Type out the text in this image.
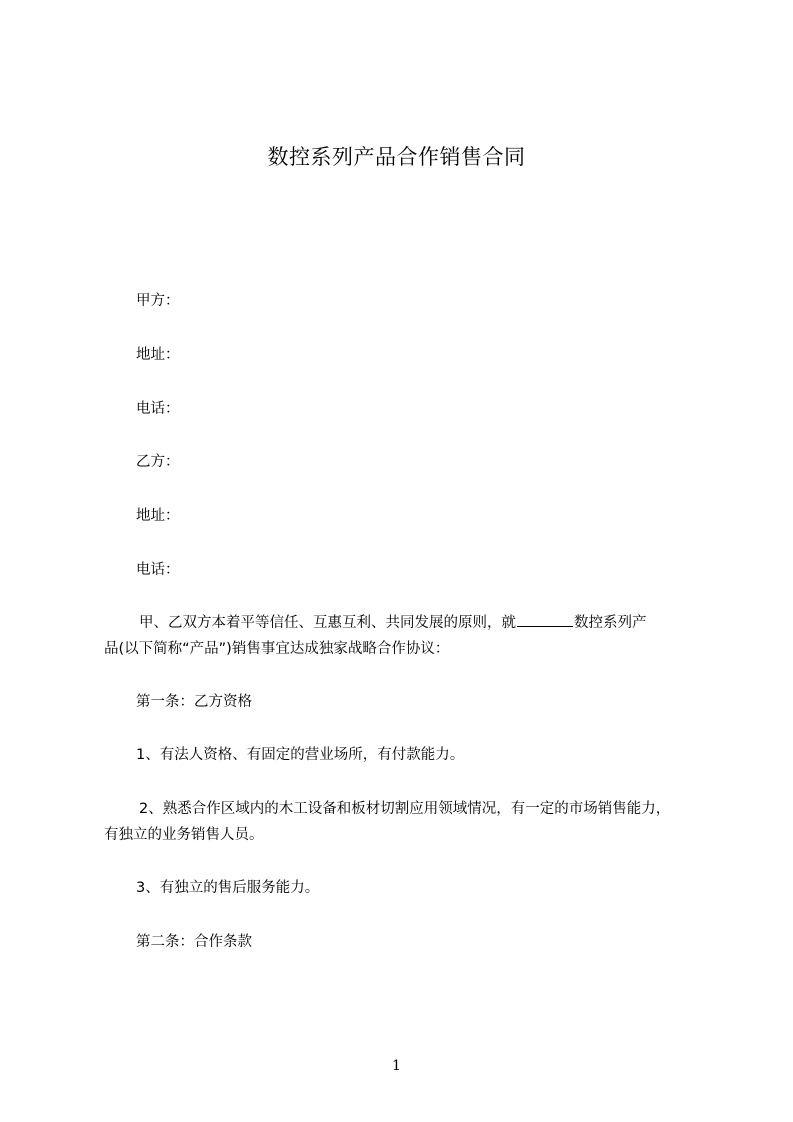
数控系列产品合作销售合同
甲方：
地址：
电话：
乙方：
地址：
电话：
甲、乙双方本着平等信任、互惠互利、共同发展的原则，就	数控系列产
品(以下简称“产品”)销售事宜达成独家战略合作协议：
第一条：乙方资格
1、有法人资格、有固定的营业场所，有付款能力。
2、熟悉合作区域内的木工设备和板材切割应用领域情况，有一定的市场销售能力，
有独立的业务销售人员。
3、有独立的售后服务能力。
第二条：合作条款
1
